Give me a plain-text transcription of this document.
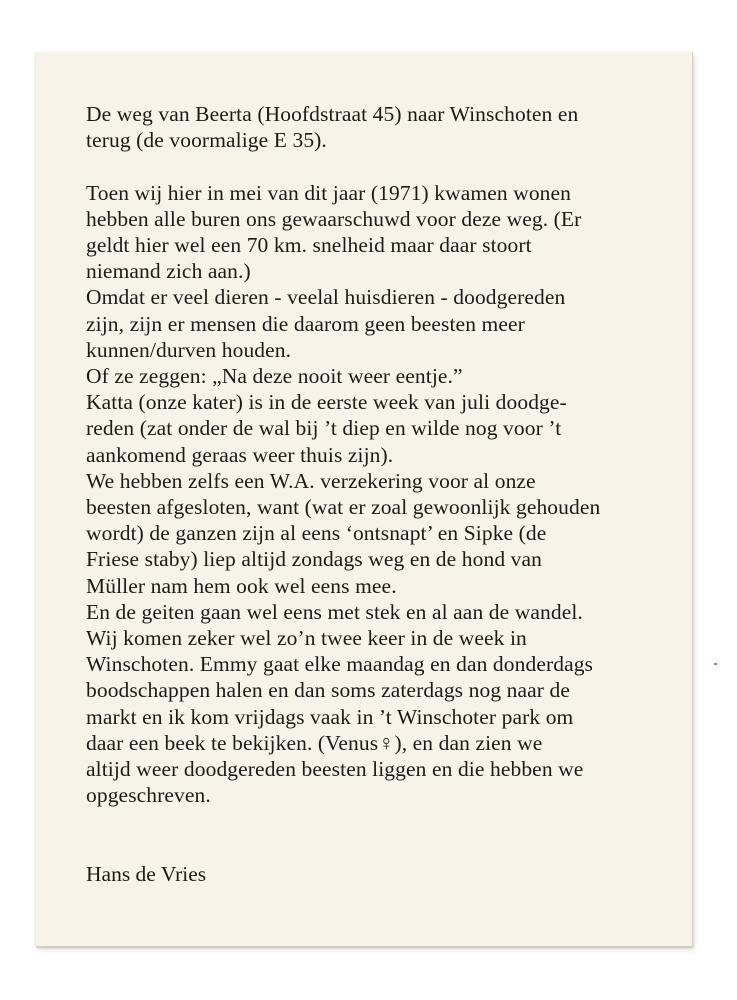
De weg van Beerta (Hoofdstraat 45) naar Winschoten en
terug (de voormalige E 35).
Toen wij hier in mei van dit jaar (1971) kwamen wonen
hebben alle buren ons gewaarschuwd voor deze weg. (Er
geldt hier wel een 70 km. snelheid maar daar stoort
niemand zich aan.)
Omdat er veel dieren - veelal huisdieren - doodgereden
zijn, zijn er mensen die daarom geen beesten meer
kunnen/durven houden.
Of ze zeggen: „Na deze nooit weer eentje.”
Katta (onze kater) is in de eerste week van juli doodge-
reden (zat onder de wal bij ’t diep en wilde nog voor ’t
aankomend geraas weer thuis zijn).
We hebben zelfs een W.A. verzekering voor al onze
beesten afgesloten, want (wat er zoal gewoonlijk gehouden
wordt) de ganzen zijn al eens ‘ontsnapt’ en Sipke (de
Friese staby) liep altijd zondags weg en de hond van
Müller nam hem ook wel eens mee.
En de geiten gaan wel eens met stek en al aan de wandel.
Wij komen zeker wel zo’n twee keer in de week in
Winschoten. Emmy gaat elke maandag en dan donderdags
boodschappen halen en dan soms zaterdags nog naar de
markt en ik kom vrijdags vaak in ’t Winschoter park om
daar een beek te bekijken. (Venus♀), en dan zien we
altijd weer doodgereden beesten liggen en die hebben we
opgeschreven.
Hans de Vries
